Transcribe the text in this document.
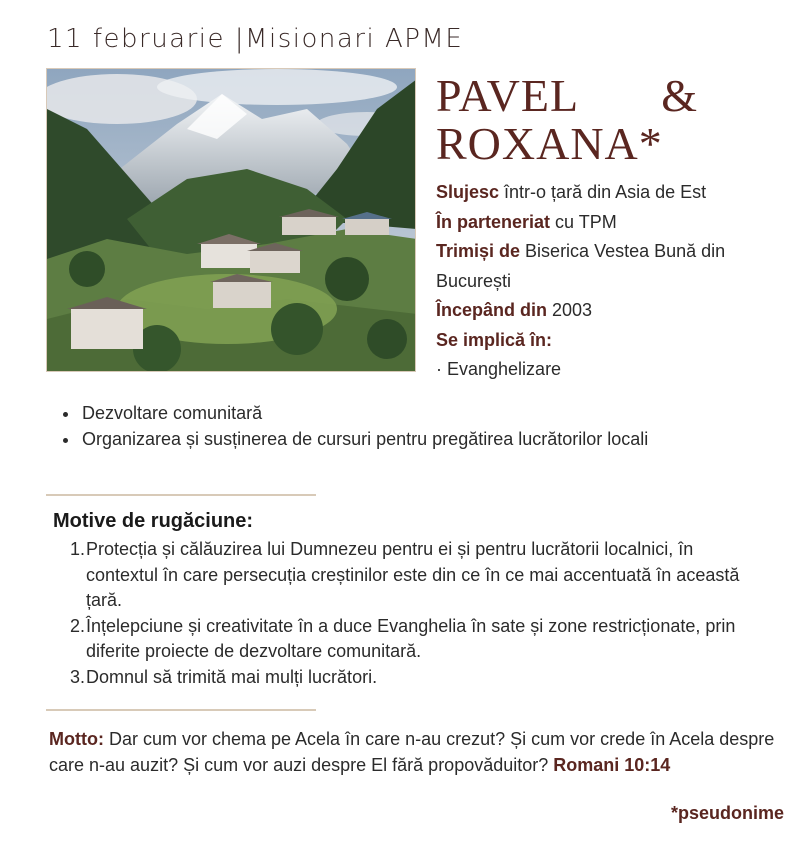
11 februarie |Misionari APME
PAVEL &
ROXANA*
Slujesc într-o țară din Asia de Est
În parteneriat cu TPM
Trimiși de Biserica Vestea Bună din București
Începând din 2003
Se implică în:
· Evanghelizare
• Dezvoltare comunitară
• Organizarea și susținerea de cursuri pentru pregătirea lucrătorilor locali
Motive de rugăciune:
1. Protecția și călăuzirea lui Dumnezeu pentru ei și pentru lucrătorii localnici, în contextul în care persecuția creștinilor este din ce în ce mai accentuată în această țară.
2. Înțelepciune și creativitate în a duce Evanghelia în sate și zone restricționate, prin diferite proiecte de dezvoltare comunitară.
3. Domnul să trimită mai mulți lucrători.
Motto: Dar cum vor chema pe Acela în care n-au crezut? Și cum vor crede în Acela despre care n-au auzit? Și cum vor auzi despre El fără propovăduitor? Romani 10:14
*pseudonime
